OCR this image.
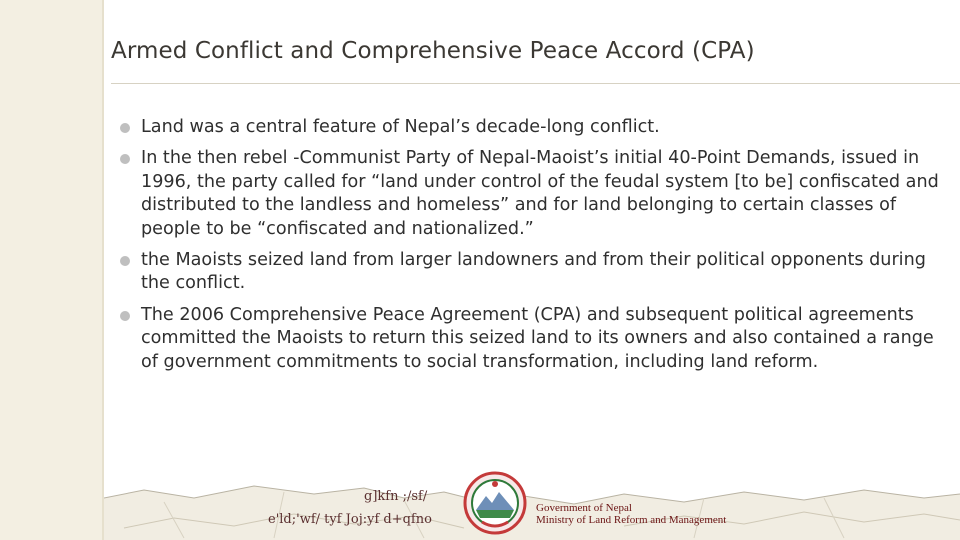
Armed Conflict and Comprehensive Peace Accord (CPA)
Land was a central feature of Nepal’s decade-long conflict.
In the then rebel -Communist Party of Nepal-Maoist’s initial 40-Point Demands, issued in 1996, the party called for “land under control of the feudal system [to be] confiscated and distributed to the landless and homeless” and for land belonging to certain classes of people to be “confiscated and nationalized.”
the Maoists seized land from larger landowners and from their political opponents during the conflict.
The 2006 Comprehensive Peace Agreement (CPA) and subsequent political agreements committed the Maoists to return this seized land to its owners and also contained a range of government commitments to social transformation, including land reform.
g]kfn ;/sf/
e'ld;'wf/ tyf Joj:yf d+qfno
Government of Nepal
Ministry of Land Reform and Management
